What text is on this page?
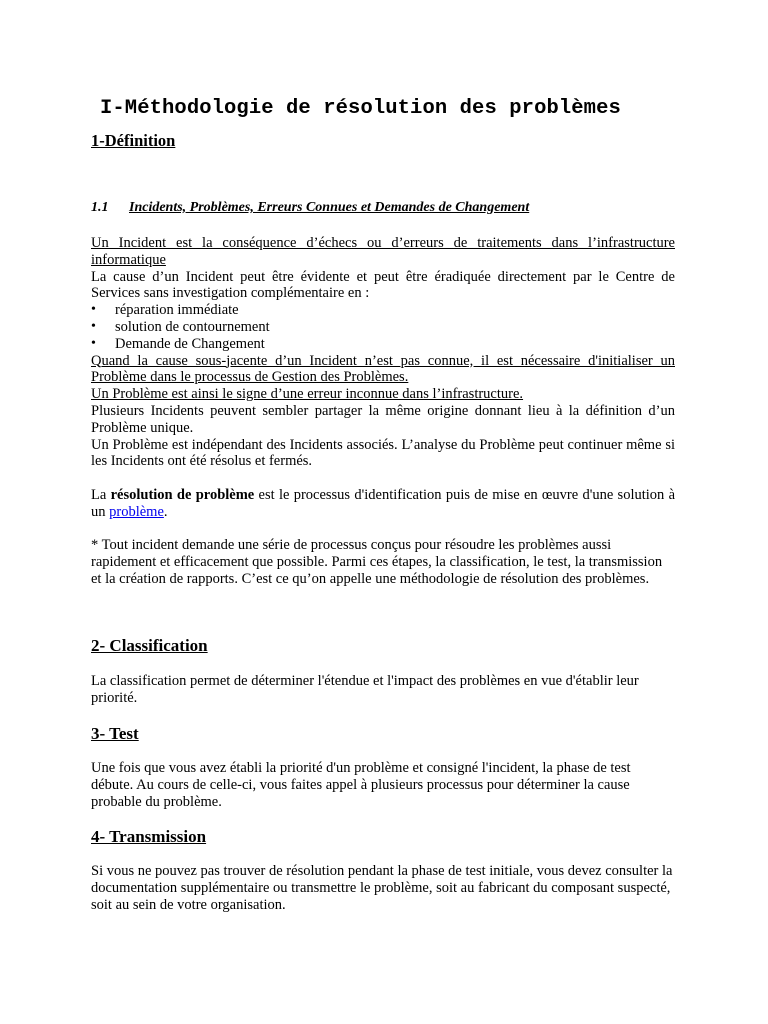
I-Méthodologie de résolution des problèmes
1-Définition
1.1 Incidents, Problèmes, Erreurs Connues et Demandes de Changement

Un Incident est la conséquence d’échecs ou d’erreurs de traitements dans l’infrastructure informatique

La cause d’un Incident peut être évidente et peut être éradiquée directement par le Centre de Services sans investigation complémentaire en :

• réparation immédiate
• solution de contournement
• Demande de Changement

Quand la cause sous-jacente d’un Incident n’est pas connue, il est nécessaire d'initialiser un Problème dans le processus de Gestion des Problèmes.

Un Problème est ainsi le signe d’une erreur inconnue dans l’infrastructure.

Plusieurs Incidents peuvent sembler partager la même origine donnant lieu à la définition d’un Problème unique.

Un Problème est indépendant des Incidents associés. L’analyse du Problème peut continuer même si les Incidents ont été résolus et fermés.

La résolution de problème est le processus d'identification puis de mise en œuvre d'une solution à un problème.

* Tout incident demande une série de processus conçus pour résoudre les problèmes aussi rapidement et efficacement que possible. Parmi ces étapes, la classification, le test, la transmission et la création de rapports. C’est ce qu’on appelle une méthodologie de résolution des problèmes.

2- Classification

La classification permet de déterminer l'étendue et l'impact des problèmes en vue d'établir leur priorité.

3- Test

Une fois que vous avez établi la priorité d'un problème et consigné l'incident, la phase de test débute. Au cours de celle-ci, vous faites appel à plusieurs processus pour déterminer la cause probable du problème.

4- Transmission

Si vous ne pouvez pas trouver de résolution pendant la phase de test initiale, vous devez consulter la documentation supplémentaire ou transmettre le problème, soit au fabricant du composant suspecté, soit au sein de votre organisation.
